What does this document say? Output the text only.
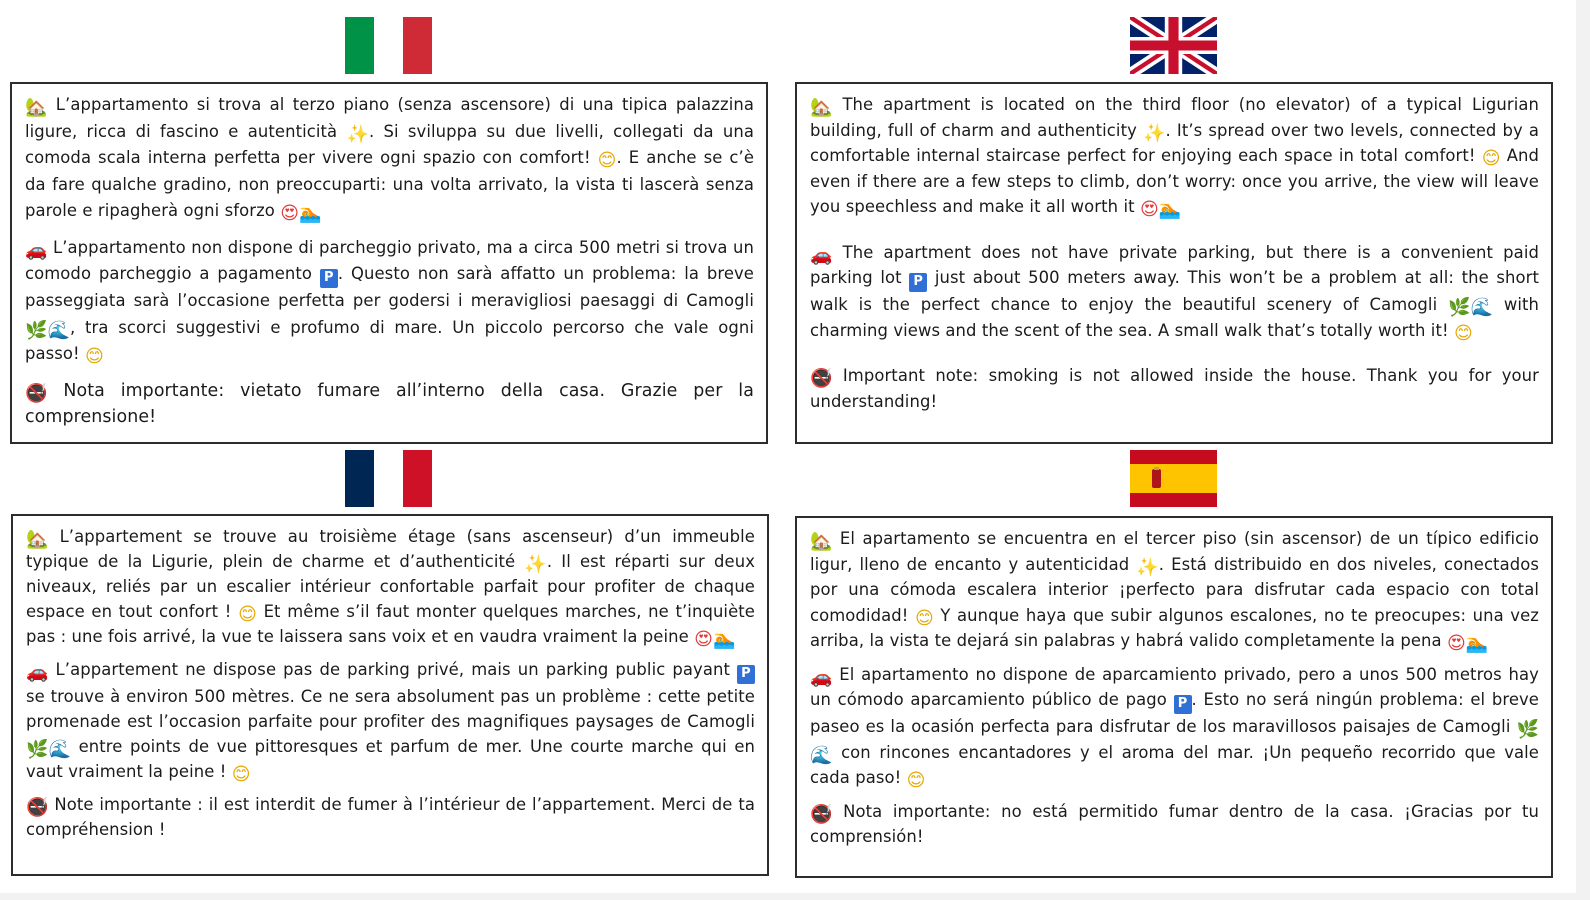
🏡 L’appartamento si trova al terzo piano (senza ascensore) di una tipica palazzina ligure, ricca di fascino e autenticità ✨. Si sviluppa su due livelli, collegati da una comoda scala interna perfetta per vivere ogni spazio con comfort! 😊. E anche se c’è da fare qualche gradino, non preoccuparti: una volta arrivato, la vista ti lascerà senza parole e ripagherà ogni sforzo 😍🏊

🚗 L’appartamento non dispone di parcheggio privato, ma a circa 500 metri si trova un comodo parcheggio a pagamento P . Questo non sarà affatto un problema: la breve passeggiata sarà l’occasione perfetta per godersi i meravigliosi paesaggi di Camogli 🌿🌊, tra scorci suggestivi e profumo di mare. Un piccolo percorso che vale ogni passo! 😊

🚭 Nota importante: vietato fumare all’interno della casa. Grazie per la comprensione!

🏡 The apartment is located on the third floor (no elevator) of a typical Ligurian building, full of charm and authenticity ✨. It’s spread over two levels, connected by a comfortable internal staircase perfect for enjoying each space in total comfort! 😊 And even if there are a few steps to climb, don’t worry: once you arrive, the view will leave you speechless and make it all worth it 😍🏊

🚗 The apartment does not have private parking, but there is a convenient paid parking lot P just about 500 meters away. This won’t be a problem at all: the short walk is the perfect chance to enjoy the beautiful scenery of Camogli 🌿🌊 with charming views and the scent of the sea. A small walk that’s totally worth it! 😊

🚭 Important note: smoking is not allowed inside the house. Thank you for your understanding!

🏡 L’appartement se trouve au troisième étage (sans ascenseur) d’un immeuble typique de la Ligurie, plein de charme et d’authenticité ✨. Il est réparti sur deux niveaux, reliés par un escalier intérieur confortable parfait pour profiter de chaque espace en tout confort ! 😊 Et même s’il faut monter quelques marches, ne t’inquiète pas : une fois arrivé, la vue te laissera sans voix et en vaudra vraiment la peine 😍🏊

🚗 L’appartement ne dispose pas de parking privé, mais un parking public payant P se trouve à environ 500 mètres. Ce ne sera absolument pas un problème : cette petite promenade est l’occasion parfaite pour profiter des magnifiques paysages de Camogli 🌿🌊 entre points de vue pittoresques et parfum de mer. Une courte marche qui en vaut vraiment la peine ! 😊

🚭 Note importante : il est interdit de fumer à l’intérieur de l’appartement. Merci de ta compréhension !

🏡 El apartamento se encuentra en el tercer piso (sin ascensor) de un típico edificio ligur, lleno de encanto y autenticidad ✨. Está distribuido en dos niveles, conectados por una cómoda escalera interior ¡perfecto para disfrutar cada espacio con total comodidad! 😊 Y aunque haya que subir algunos escalones, no te preocupes: una vez arriba, la vista te dejará sin palabras y habrá valido completamente la pena 😍🏊

🚗 El apartamento no dispone de aparcamiento privado, pero a unos 500 metros hay un cómodo aparcamiento público de pago P . Esto no será ningún problema: el breve paseo es la ocasión perfecta para disfrutar de los maravillosos paisajes de Camogli 🌿🌊 con rincones encantadores y el aroma del mar. ¡Un pequeño recorrido que vale cada paso! 😊

🚭 Nota importante: no está permitido fumar dentro de la casa. ¡Gracias por tu comprensión!
